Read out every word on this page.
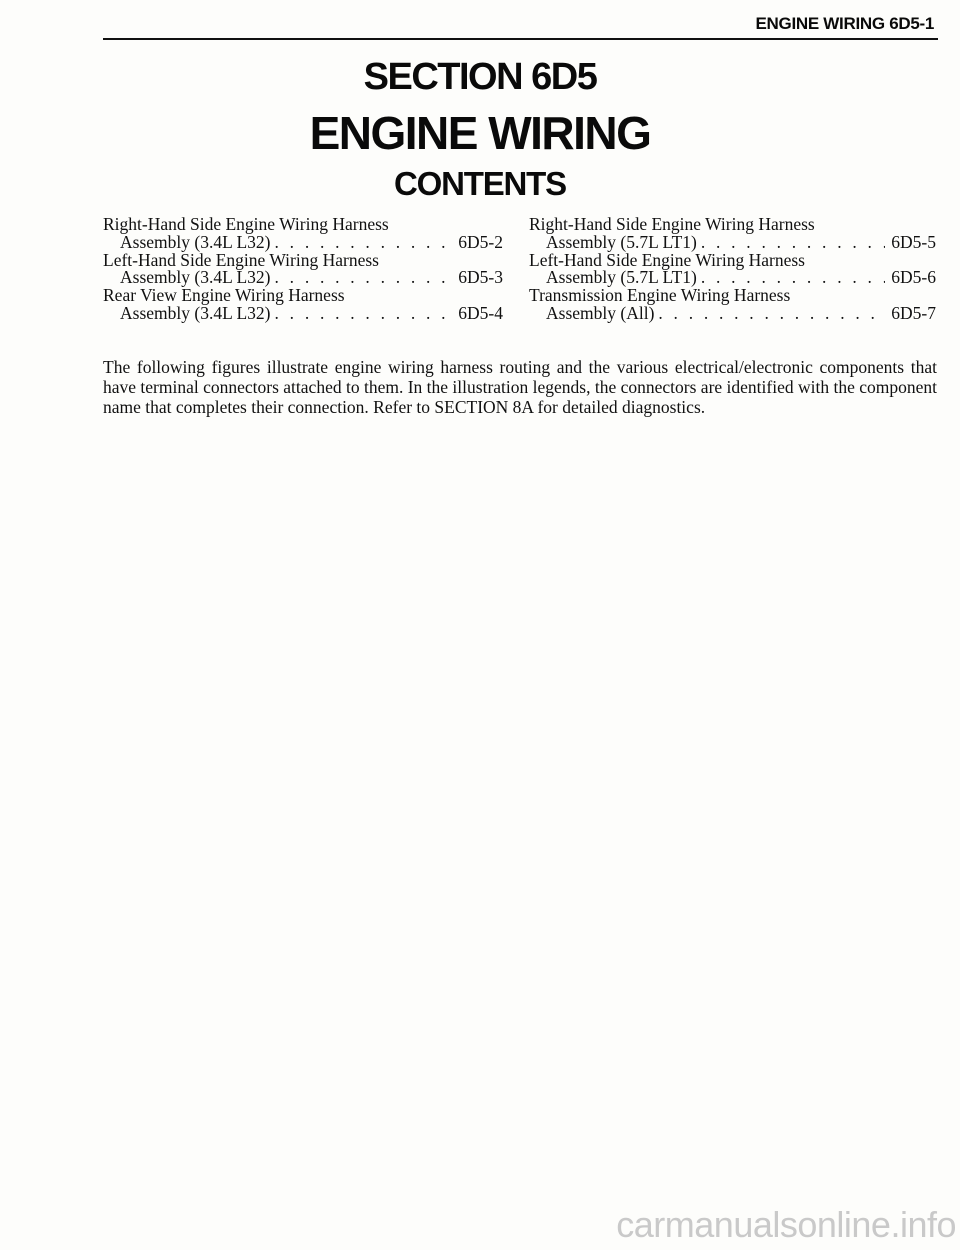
ENGINE WIRING 6D5-1
SECTION 6D5
ENGINE WIRING
CONTENTS
Right-Hand Side Engine Wiring Harness
Assembly (3.4L L32) . . .	6D5-2
Left-Hand Side Engine Wiring Harness
Assembly (3.4L L32) . . .	6D5-3
Rear View Engine Wiring Harness
Assembly (3.4L L32) . . .	6D5-4
Right-Hand Side Engine Wiring Harness
Assembly (5.7L LT1) . . .	6D5-5
Left-Hand Side Engine Wiring Harness
Assembly (5.7L LT1) . . .	6D5-6
Transmission Engine Wiring Harness
Assembly (All) . . .	6D5-7

The following figures illustrate engine wiring harness routing and the various electrical/electronic components that have terminal connectors attached to them. In the illustration legends, the connectors are identified with the component name that completes their connection. Refer to SECTION 8A for detailed diagnostics.

carmanualsonline.info
